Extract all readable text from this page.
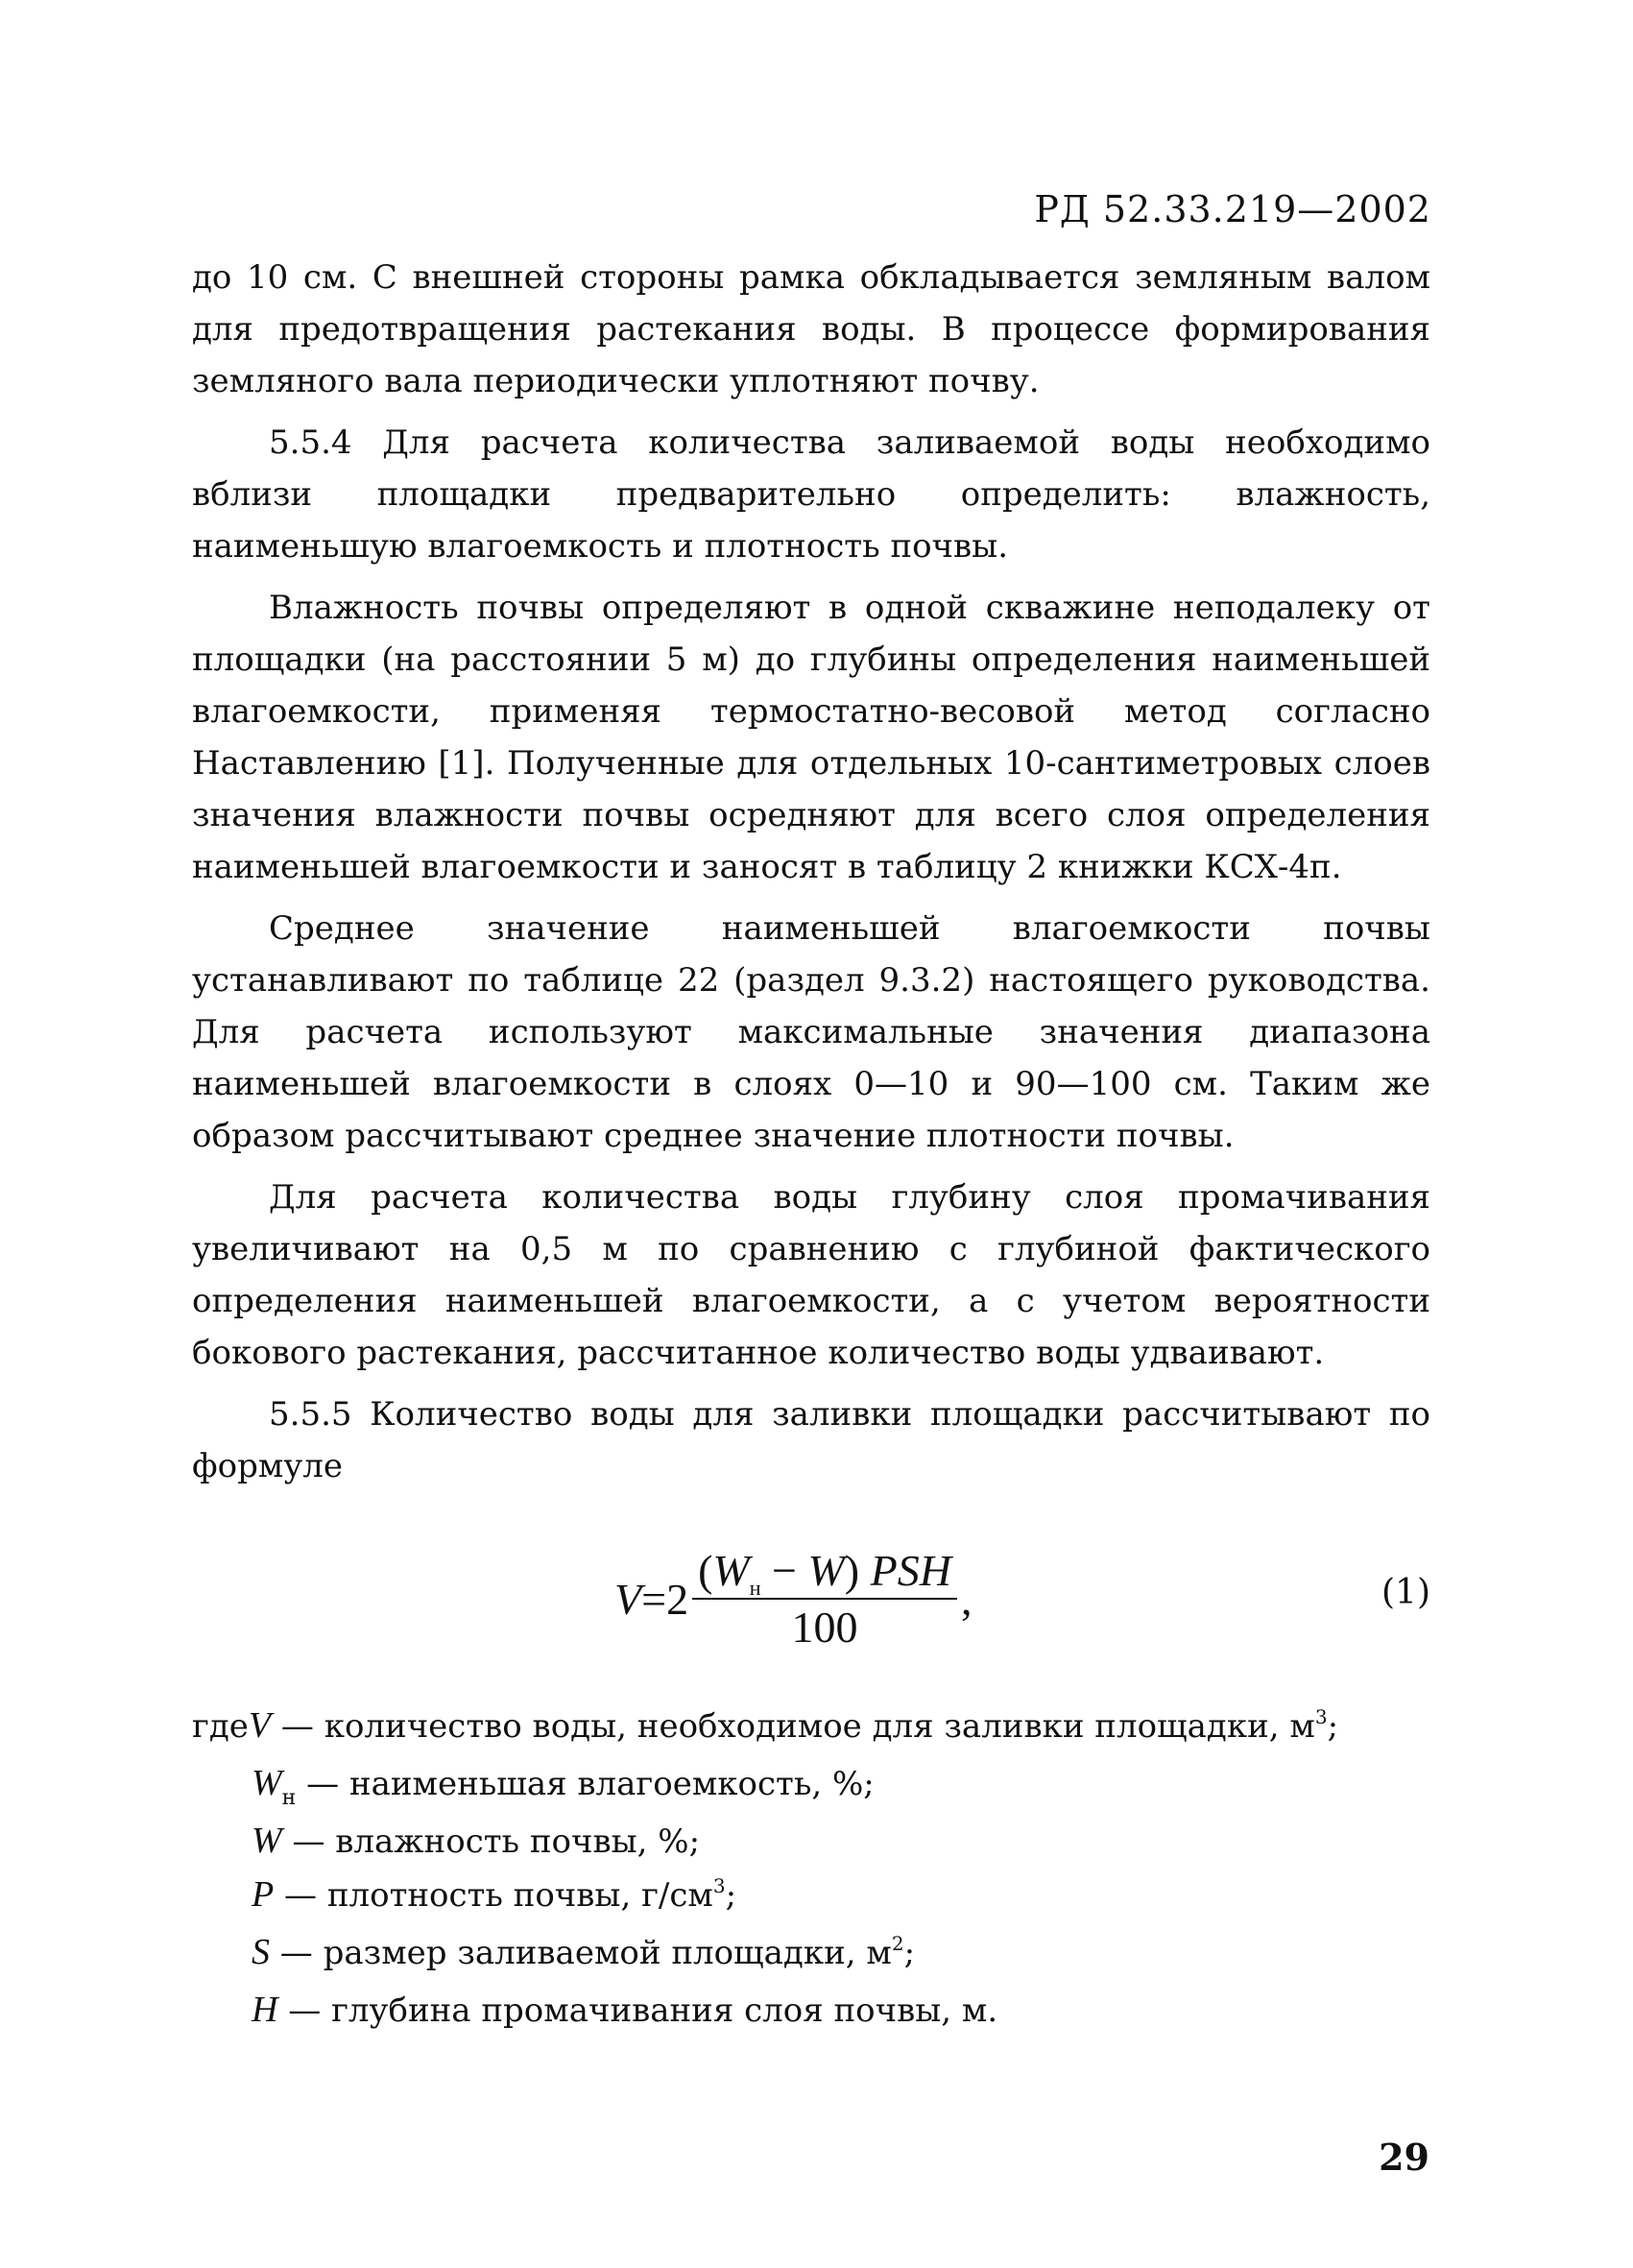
РД 52.33.219—2002

до 10 см. С внешней стороны рамка обкладывается земляным валом для предотвращения растекания воды. В процессе формирования земляного вала периодически уплотняют почву.

5.5.4 Для расчета количества заливаемой воды необходимо вблизи площадки предварительно определить: влажность, наименьшую влагоемкость и плотность почвы.

Влажность почвы определяют в одной скважине неподалеку от площадки (на расстоянии 5 м) до глубины определения наименьшей влагоемкости, применяя термостатно-весовой метод согласно Наставлению [1]. Полученные для отдельных 10-сантиметровых слоев значения влажности почвы осредняют для всего слоя определения наименьшей влагоемкости и заносят в таблицу 2 книжки КСХ-4п.

Среднее значение наименьшей влагоемкости почвы устанавливают по таблице 22 (раздел 9.3.2) настоящего руководства. Для расчета используют максимальные значения диапазона наименьшей влагоемкости в слоях 0—10 и 90—100 см. Таким же образом рассчитывают среднее значение плотности почвы.

Для расчета количества воды глубину слоя промачивания увеличивают на 0,5 м по сравнению с глубиной фактического определения наименьшей влагоемкости, а с учетом вероятности бокового растекания, рассчитанное количество воды удваивают.

5.5.5 Количество воды для заливки площадки рассчитывают по формуле

$V = 2 \frac{(W_н - W) PSH}{100}$ ,	(1)
гдеV — количество воды, необходимое для заливки площадки, $м^3$;
$W_н$ — наименьшая влагоемкость, %;
W — влажность почвы, %;
P — плотность почвы, $г/см^3$;
S — размер заливаемой площадки, $м^2$;
H — глубина промачивания слоя почвы, м.
29
